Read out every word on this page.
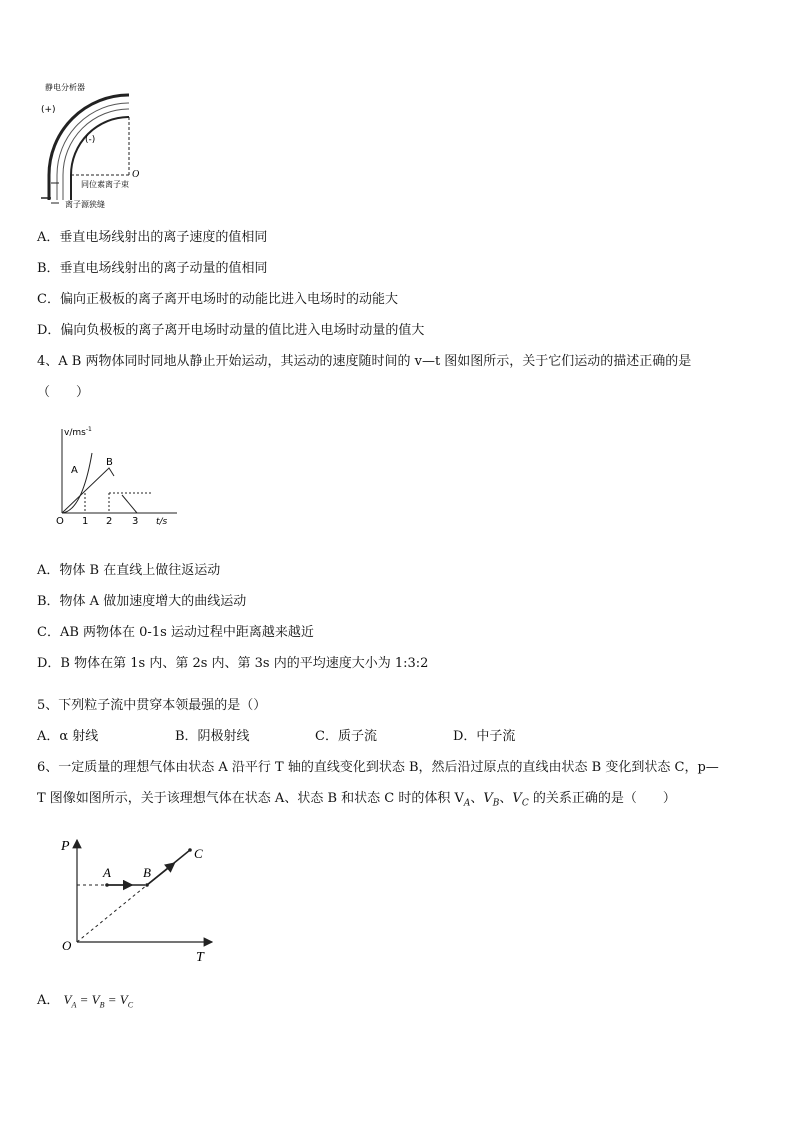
静电分析器
(+)
(-)
O
同位素离子束
离子源狭缝
A．垂直电场线射出的离子速度的值相同
B．垂直电场线射出的离子动量的值相同
C．偏向正极板的离子离开电场时的动能比进入电场时的动能大
D．偏向负极板的离子离开电场时动量的值比进入电场时动量的值大
4、A B 两物体同时同地从静止开始运动，其运动的速度随时间的 v—t 图如图所示，关于它们运动的描述正确的是
（　　）
$v/ms^{-1}$
A
B
O 1 2 3 t/s
A．物体 B 在直线上做往返运动
B．物体 A 做加速度增大的曲线运动
C．AB 两物体在 0-1s 运动过程中距离越来越近
D．B 物体在第 1s 内、第 2s 内、第 3s 内的平均速度大小为 1:3:2
5、下列粒子流中贯穿本领最强的是（）
A．α 射线	B．阴极射线	C．质子流	D．中子流
6、一定质量的理想气体由状态 A 沿平行 T 轴的直线变化到状态 B，然后沿过原点的直线由状态 B 变化到状态 C，p—
T 图像如图所示，关于该理想气体在状态 A、状态 B 和状态 C 时的体积 $V_A$、$V_B$、$V_C$ 的关系正确的是（　　）
P
T
O
A B
C
A． $V_A = V_B = V_C$
